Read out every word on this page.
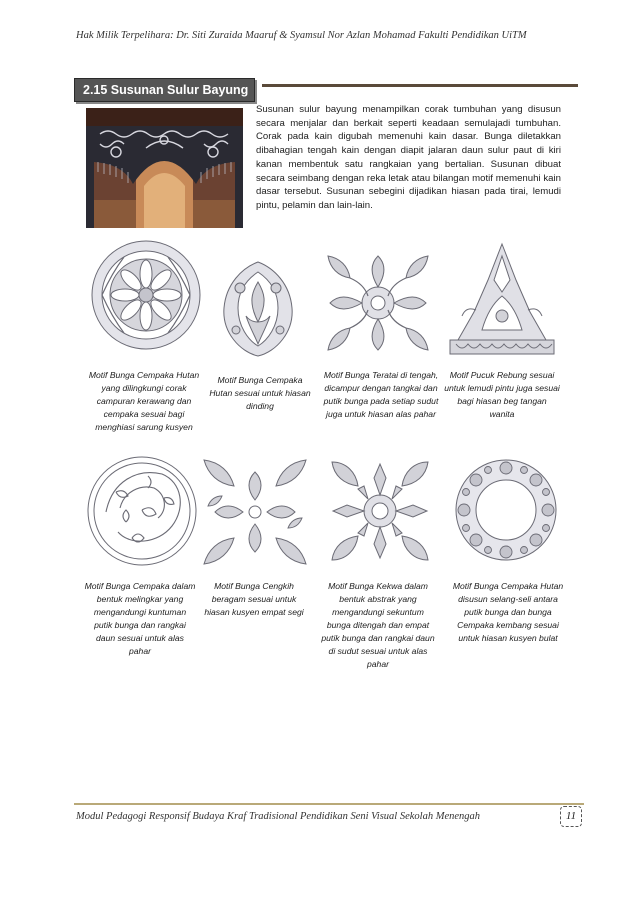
Hak Milik Terpelihara: Dr. Siti Zuraida Maaruf & Syamsul Nor Azlan Mohamad Fakulti Pendidikan UiTM
2.15 Susunan Sulur Bayung
Susunan sulur bayung menampilkan corak tumbuhan yang disusun secara menjalar dan berkait seperti keadaan semulajadi tumbuhan. Corak pada kain digubah memenuhi kain dasar. Bunga diletakkan dibahagian tengah kain dengan diapit jalaran daun sulur paut di kiri kanan membentuk satu rangkaian yang bertalian. Susunan dibuat secara seimbang dengan reka letak atau bilangan motif memenuhi kain dasar tersebut. Susunan sebegini dijadikan hiasan pada tirai, lemudi pintu, pelamin dan lain-lain.
Motif Bunga Cempaka Hutan yang dilingkungi corak campuran kerawang dan cempaka sesuai bagi menghiasi sarung kusyen
Motif Bunga Cempaka Hutan sesuai untuk hiasan dinding
Motif Bunga Teratai di tengah, dicampur dengan tangkai dan putik bunga pada setiap sudut juga untuk hiasan alas pahar
Motif Pucuk Rebung sesuai untuk lemudi pintu juga sesuai bagi hiasan beg tangan wanita
Motif Bunga Cempaka dalam bentuk melingkar yang mengandungi kuntuman putik bunga dan rangkai daun sesuai untuk alas pahar
Motif Bunga Cengkih beragam sesuai untuk hiasan kusyen empat segi
Motif Bunga Kekwa dalam bentuk abstrak yang mengandungi sekuntum bunga ditengah dan empat putik bunga dan rangkai daun di sudut sesuai untuk alas pahar
Motif Bunga Cempaka Hutan disusun selang-seli antara putik bunga dan bunga Cempaka kembang sesuai untuk hiasan kusyen bulat
Modul Pedagogi Responsif Budaya Kraf Tradisional Pendidikan Seni Visual Sekolah Menengah	11
